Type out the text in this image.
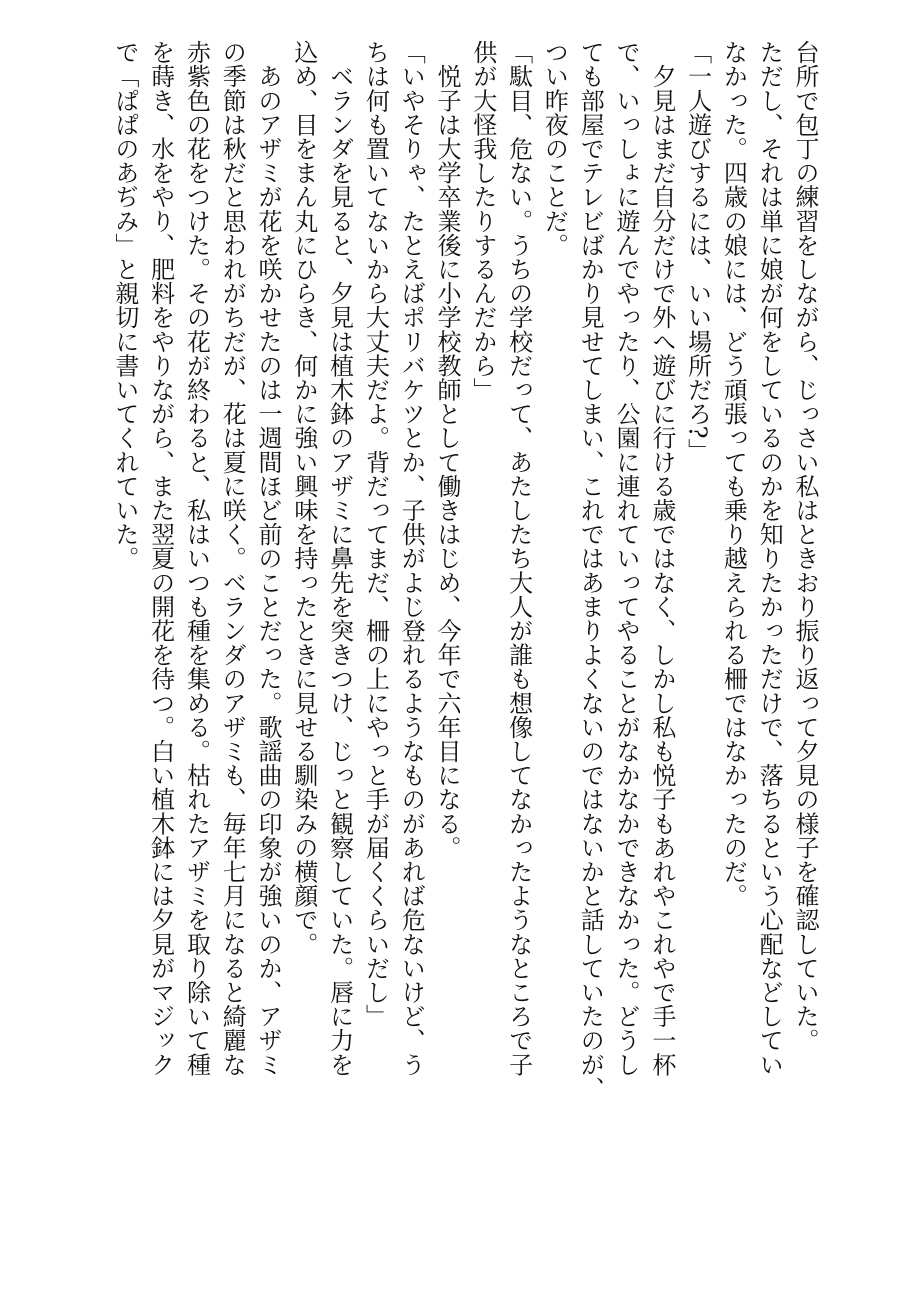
台所で包丁の練習をしながら、じっさい私はときおり振り返って夕見の様子を確認していた。
ただし、それは単に娘が何をしているのかを知りたかっただけで、落ちるという心配などしてい
なかった。四歳の娘には、どう頑張っても乗り越えられる柵ではなかったのだ。
「一人遊びするには、いい場所だろ?」
　夕見はまだ自分だけで外へ遊びに行ける歳ではなく、しかし私も悦子もあれやこれやで手一杯
で、いっしょに遊んでやったり、公園に連れていってやることがなかなかできなかった。どうし
ても部屋でテレビばかり見せてしまい、これではあまりよくないのではないかと話していたのが、
つい昨夜のことだ。
「駄目、危ない。うちの学校だって、あたしたち大人が誰も想像してなかったようなところで子
供が大怪我したりするんだから」
　悦子は大学卒業後に小学校教師として働きはじめ、今年で六年目になる。
「いやそりゃ、たとえばポリバケツとか、子供がよじ登れるようなものがあれば危ないけど、う
ちは何も置いてないから大丈夫だよ。背だってまだ、柵の上にやっと手が届くくらいだし」
　ベランダを見ると、夕見は植木鉢のアザミに鼻先を突きつけ、じっと観察していた。唇に力を
込め、目をまん丸にひらき、何かに強い興味を持ったときに見せる馴染みの横顔で。
　あのアザミが花を咲かせたのは一週間ほど前のことだった。歌謡曲の印象が強いのか、アザミ
の季節は秋だと思われがちだが、花は夏に咲く。ベランダのアザミも、毎年七月になると綺麗な
赤紫色の花をつけた。その花が終わると、私はいつも種を集める。枯れたアザミを取り除いて種
を蒔き、水をやり、肥料をやりながら、また翌夏の開花を待つ。白い植木鉢には夕見がマジック
で「ぱぱのあぢみ」と親切に書いてくれていた。
